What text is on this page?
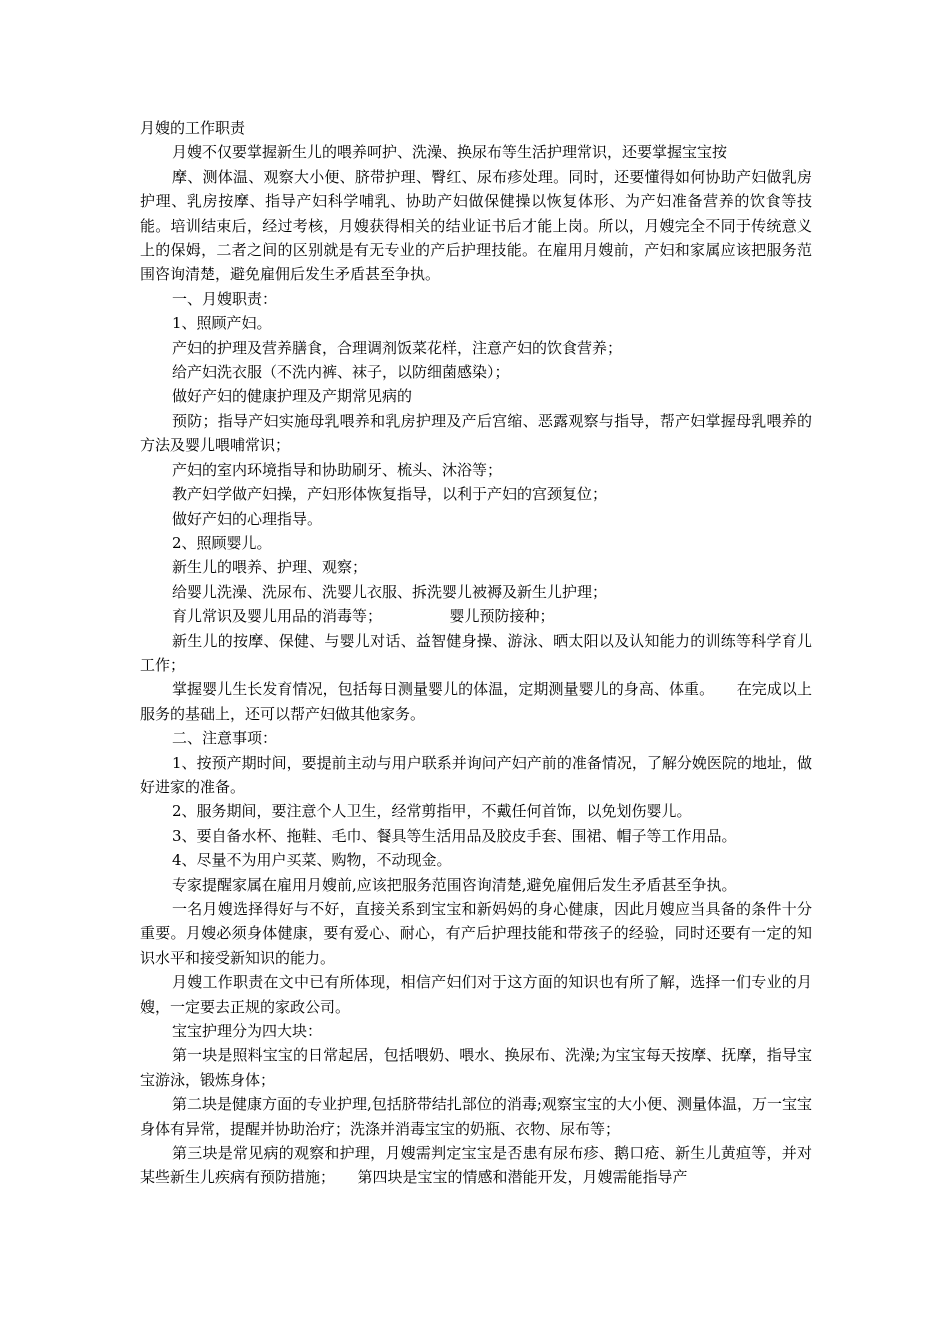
月嫂的工作职责

月嫂不仅要掌握新生儿的喂养呵护、洗澡、换尿布等生活护理常识，还要掌握宝宝按

摩、测体温、观察大小便、脐带护理、臀红、尿布疹处理。同时，还要懂得如何协助产妇做乳房护理、乳房按摩、指导产妇科学哺乳、协助产妇做保健操以恢复体形、为产妇准备营养的饮食等技能。培训结束后，经过考核，月嫂获得相关的结业证书后才能上岗。所以，月嫂完全不同于传统意义上的保姆，二者之间的区别就是有无专业的产后护理技能。在雇用月嫂前，产妇和家属应该把服务范围咨询清楚，避免雇佣后发生矛盾甚至争执。

一、月嫂职责：

1、照顾产妇。

产妇的护理及营养膳食，合理调剂饭菜花样，注意产妇的饮食营养；

给产妇洗衣服（不洗内裤、袜子，以防细菌感染）；

做好产妇的健康护理及产期常见病的

预防；指导产妇实施母乳喂养和乳房护理及产后宫缩、恶露观察与指导，帮产妇掌握母乳喂养的方法及婴儿喂哺常识；

产妇的室内环境指导和协助刷牙、梳头、沐浴等；

教产妇学做产妇操，产妇形体恢复指导，以利于产妇的宫颈复位；

做好产妇的心理指导。

2、照顾婴儿。

新生儿的喂养、护理、观察；

给婴儿洗澡、洗尿布、洗婴儿衣服、拆洗婴儿被褥及新生儿护理；

育儿常识及婴儿用品的消毒等；　　　　　婴儿预防接种；

新生儿的按摩、保健、与婴儿对话、益智健身操、游泳、晒太阳以及认知能力的训练等科学育儿工作；

掌握婴儿生长发育情况，包括每日测量婴儿的体温，定期测量婴儿的身高、体重。　　在完成以上服务的基础上，还可以帮产妇做其他家务。

二、注意事项：

1、按预产期时间，要提前主动与用户联系并询问产妇产前的准备情况，了解分娩医院的地址，做好进家的准备。

2、服务期间，要注意个人卫生，经常剪指甲，不戴任何首饰，以免划伤婴儿。

3、要自备水杯、拖鞋、毛巾、餐具等生活用品及胶皮手套、围裙、帽子等工作用品。

4、尽量不为用户买菜、购物，不动现金。

专家提醒家属在雇用月嫂前,应该把服务范围咨询清楚,避免雇佣后发生矛盾甚至争执。

一名月嫂选择得好与不好，直接关系到宝宝和新妈妈的身心健康，因此月嫂应当具备的条件十分重要。月嫂必须身体健康，要有爱心、耐心，有产后护理技能和带孩子的经验，同时还要有一定的知识水平和接受新知识的能力。

月嫂工作职责在文中已有所体现，相信产妇们对于这方面的知识也有所了解，选择一们专业的月嫂，一定要去正规的家政公司。

宝宝护理分为四大块：

第一块是照料宝宝的日常起居，包括喂奶、喂水、换尿布、洗澡;为宝宝每天按摩、抚摩，指导宝宝游泳，锻炼身体；

第二块是健康方面的专业护理,包括脐带结扎部位的消毒;观察宝宝的大小便、测量体温，万一宝宝身体有异常，提醒并协助治疗；洗涤并消毒宝宝的奶瓶、衣物、尿布等；

第三块是常见病的观察和护理，月嫂需判定宝宝是否患有尿布疹、鹅口疮、新生儿黄疸等，并对某些新生儿疾病有预防措施；　　第四块是宝宝的情感和潜能开发，月嫂需能指导产
